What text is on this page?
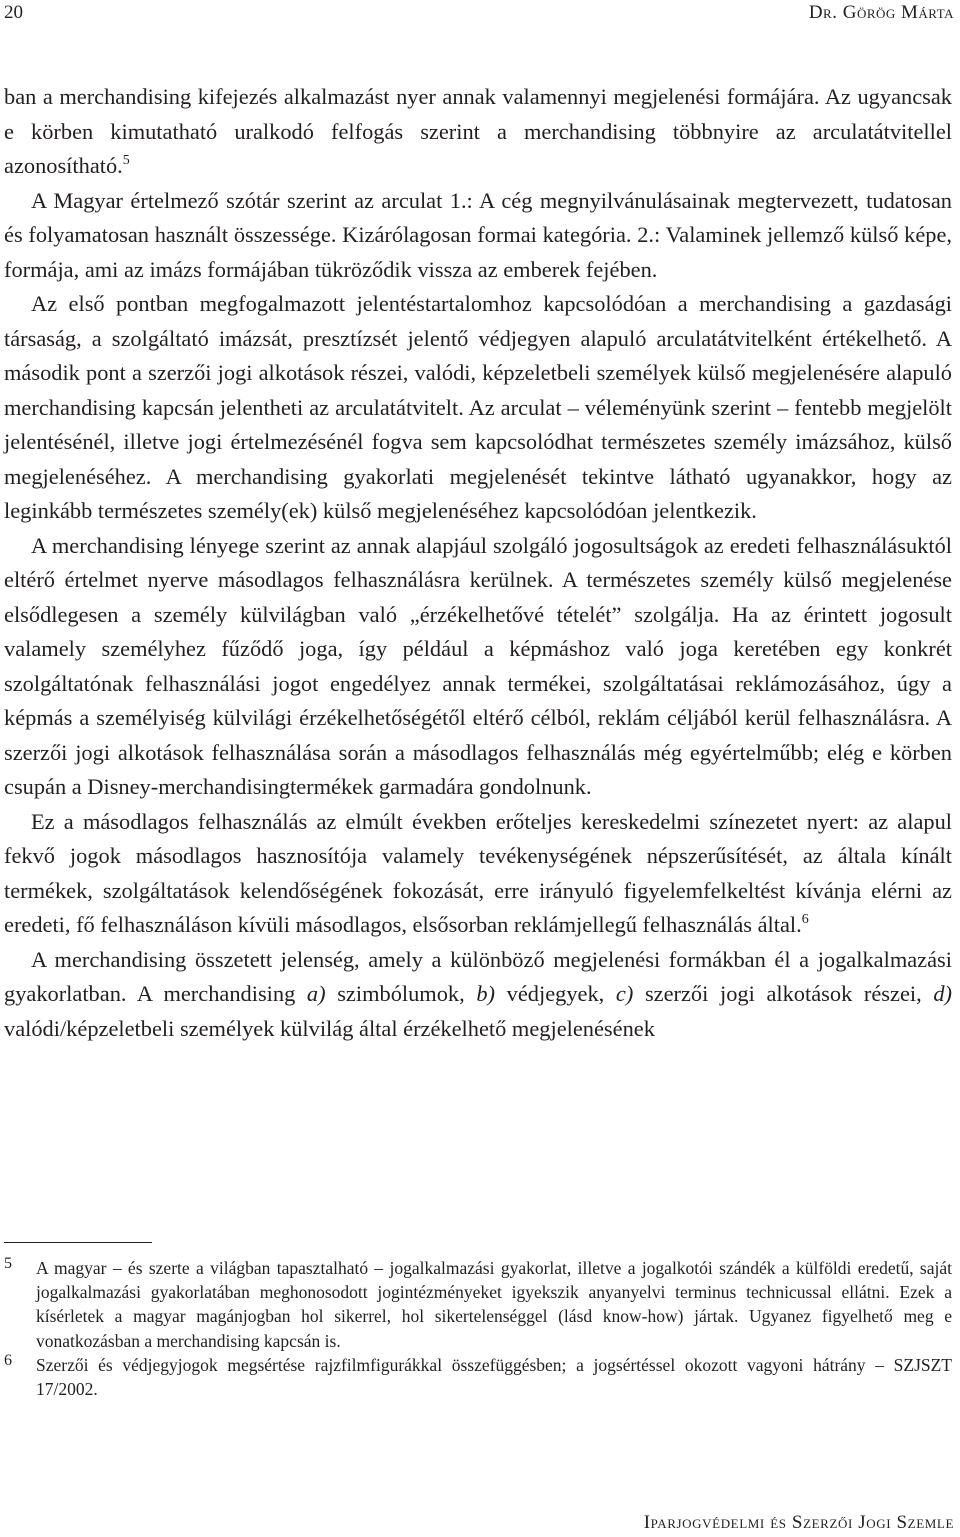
20	Dr. Görög Márta

ban a merchandising kifejezés alkalmazást nyer annak valamennyi megjelenési formájára. Az ugyancsak e körben kimutatható uralkodó felfogás szerint a merchandising többnyire az arculatátvitellel azonosítható.$^5$

A Magyar értelmező szótár szerint az arculat 1.: A cég megnyilvánulásainak megtervezett, tudatosan és folyamatosan használt összessége. Kizárólagosan formai kategória. 2.: Valaminek jellemző külső képe, formája, ami az imázs formájában tükröződik vissza az emberek fejében.

Az első pontban megfogalmazott jelentéstartalomhoz kapcsolódóan a merchandising a gazdasági társaság, a szolgáltató imázsát, presztízsét jelentő védjegyen alapuló arculatátvitelként értékelhető. A második pont a szerzői jogi alkotások részei, valódi, képzeletbeli személyek külső megjelenésére alapuló merchandising kapcsán jelentheti az arculatátvitelt. Az arculat – véleményünk szerint – fentebb megjelölt jelentésénél, illetve jogi értelmezésénél fogva sem kapcsolódhat természetes személy imázsához, külső megjelenéséhez. A merchandising gyakorlati megjelenését tekintve látható ugyanakkor, hogy az leginkább természetes személy(ek) külső megjelenéséhez kapcsolódóan jelentkezik.

A merchandising lényege szerint az annak alapjául szolgáló jogosultságok az eredeti felhasználásuktól eltérő értelmet nyerve másodlagos felhasználásra kerülnek. A természetes személy külső megjelenése elsődlegesen a személy külvilágban való „érzékelhetővé tételét” szolgálja. Ha az érintett jogosult valamely személyhez fűződő joga, így például a képmáshoz való joga keretében egy konkrét szolgáltatónak felhasználási jogot engedélyez annak termékei, szolgáltatásai reklámozásához, úgy a képmás a személyiség külvilági érzékelhetőségétől eltérő célból, reklám céljából kerül felhasználásra. A szerzői jogi alkotások felhasználása során a másodlagos felhasználás még egyértelműbb; elég e körben csupán a Disney-merchandisingtermékek garmadára gondolnunk.

Ez a másodlagos felhasználás az elmúlt években erőteljes kereskedelmi színezetet nyert: az alapul fekvő jogok másodlagos hasznosítója valamely tevékenységének népszerűsítését, az általa kínált termékek, szolgáltatások kelendőségének fokozását, erre irányuló figyelemfelkeltést kívánja elérni az eredeti, fő felhasználáson kívüli másodlagos, elsősorban reklámjellegű felhasználás által.$^6$

A merchandising összetett jelenség, amely a különböző megjelenési formákban él a jogalkalmazási gyakorlatban. A merchandising a) szimbólumok, b) védjegyek, c) szerzői jogi alkotások részei, d) valódi/képzeletbeli személyek külvilág által érzékelhető megjelenésének

5 A magyar – és szerte a világban tapasztalható – jogalkalmazási gyakorlat, illetve a jogalkotói szándék a külföldi eredetű, saját jogalkalmazási gyakorlatában meghonosodott jogintézményeket igyekszik anyanyelvi terminus technicussal ellátni. Ezek a kísérletek a magyar magánjogban hol sikerrel, hol sikertelenséggel (lásd know-how) jártak. Ugyanez figyelhető meg e vonatkozásban a merchandising kapcsán is.
6 Szerzői és védjegyjogok megsértése rajzfilmfigurákkal összefüggésben; a jogsértéssel okozott vagyoni hátrány – SZJSZT 17/2002.
Iparjogvédelmi és Szerzői Jogi Szemle
